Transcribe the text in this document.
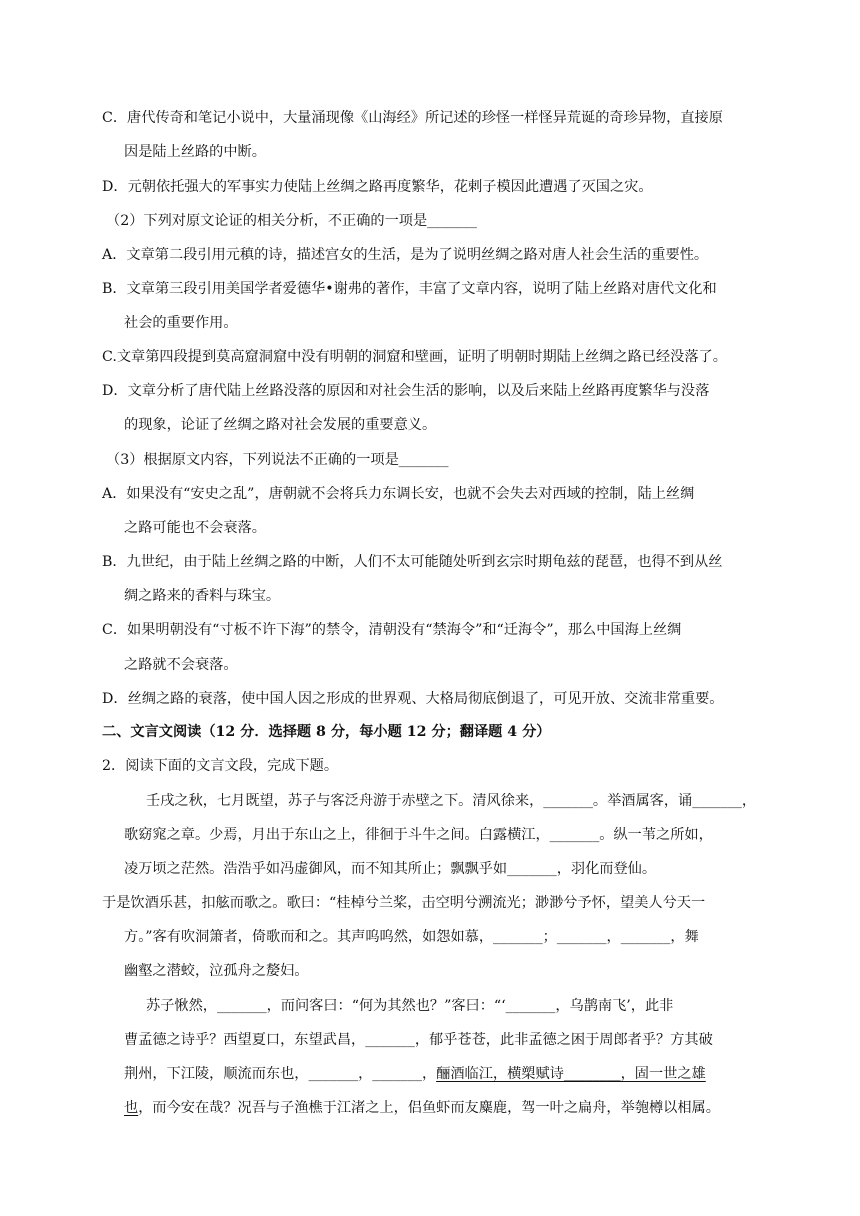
C．唐代传奇和笔记小说中，大量涌现像《山海经》所记述的珍怪一样怪异荒诞的奇珍异物，直接原
因是陆上丝路的中断。
D．元朝依托强大的军事实力使陆上丝绸之路再度繁华，花剌子模因此遭遇了灭国之灾。
（2）下列对原文论证的相关分析，不正确的一项是_______
A．文章第二段引用元稹的诗，描述宫女的生活，是为了说明丝绸之路对唐人社会生活的重要性。
B．文章第三段引用美国学者爱德华•谢弗的著作，丰富了文章内容，说明了陆上丝路对唐代文化和
社会的重要作用。
C.文章第四段提到莫高窟洞窟中没有明朝的洞窟和壁画，证明了明朝时期陆上丝绸之路已经没落了。
D．文章分析了唐代陆上丝路没落的原因和对社会生活的影响，以及后来陆上丝路再度繁华与没落
的现象，论证了丝绸之路对社会发展的重要意义。
（3）根据原文内容，下列说法不正确的一项是_______
A．如果没有“安史之乱”，唐朝就不会将兵力东调长安，也就不会失去对西域的控制，陆上丝绸
之路可能也不会衰落。
B．九世纪，由于陆上丝绸之路的中断，人们不太可能随处听到玄宗时期龟兹的琵琶，也得不到从丝
绸之路来的香料与珠宝。
C．如果明朝没有“寸板不许下海”的禁令，清朝没有“禁海令”和“迁海令”，那么中国海上丝绸
之路就不会衰落。
D．丝绸之路的衰落，使中国人因之形成的世界观、大格局彻底倒退了，可见开放、交流非常重要。
二、文言文阅读（12 分．选择题 8 分，每小题 12 分；翻译题 4 分）
2．阅读下面的文言文段，完成下题。
壬戌之秋，七月既望，苏子与客泛舟游于赤壁之下。清风徐来，_______。举酒属客，诵_______，
歌窈窕之章。少焉，月出于东山之上，徘徊于斗牛之间。白露横江，_______。纵一苇之所如，
凌万顷之茫然。浩浩乎如冯虚御风，而不知其所止；飘飘乎如_______，羽化而登仙。
于是饮酒乐甚，扣舷而歌之。歌曰：“桂棹兮兰桨，击空明兮溯流光；渺渺兮予怀，望美人兮天一
方。”客有吹洞箫者，倚歌而和之。其声呜呜然，如怨如慕，_______；_______，_______，舞
幽壑之潜蛟，泣孤舟之嫠妇。
苏子愀然，_______，而问客曰：“何为其然也？”客曰：“‘_______，乌鹊南飞’，此非
曹孟德之诗乎？西望夏口，东望武昌，_______，郁乎苍苍，此非孟德之困于周郎者乎？方其破
荆州，下江陵，顺流而东也，_______，_______，酾酒临江，横槊赋诗________，固一世之雄
也，而今安在哉？况吾与子渔樵于江渚之上，侣鱼虾而友麋鹿，驾一叶之扁舟，举匏樽以相属。
